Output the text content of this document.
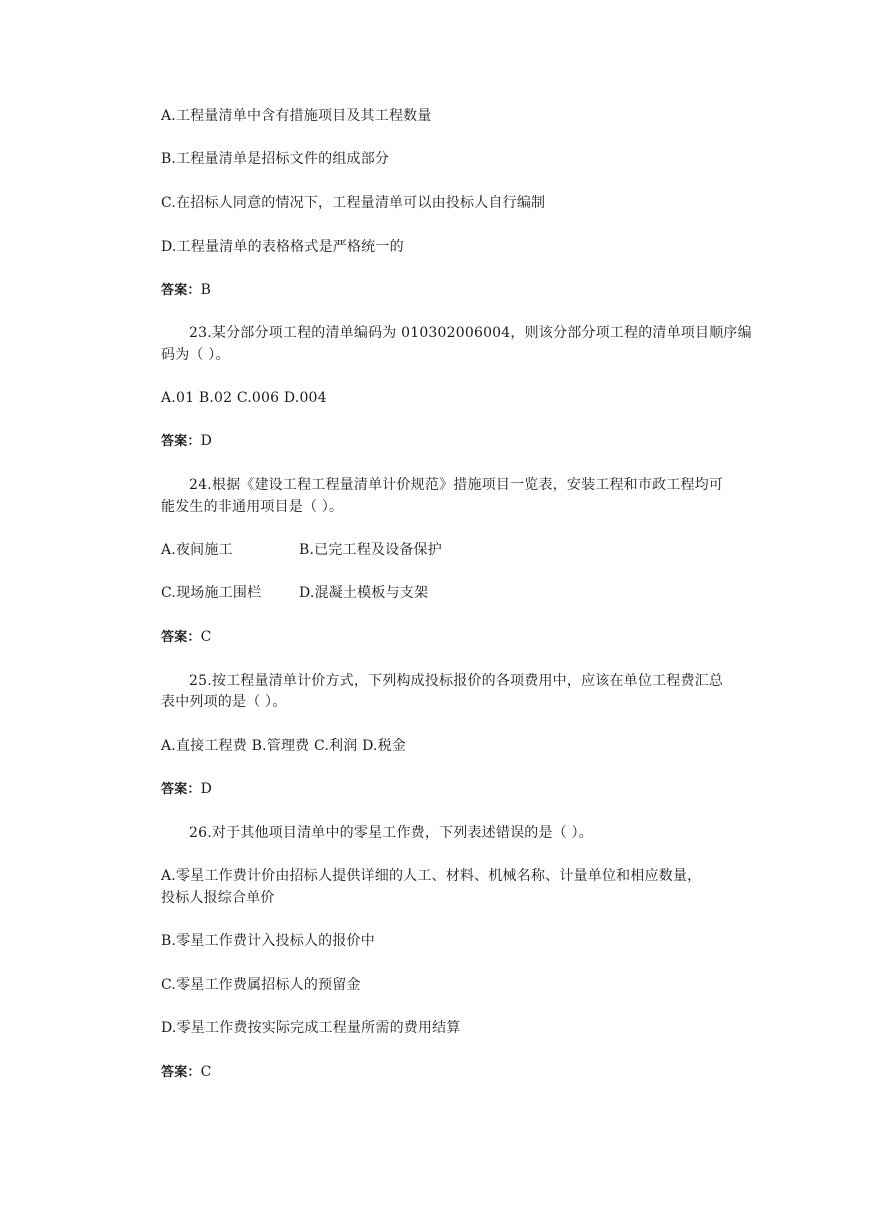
A.工程量清单中含有措施项目及其工程数量
B.工程量清单是招标文件的组成部分
C.在招标人同意的情况下，工程量清单可以由投标人自行编制
D.工程量清单的表格格式是严格统一的
答案：B
23.某分部分项工程的清单编码为 010302006004，则该分部分项工程的清单项目顺序编
码为（ ）。
A.01 B.02 C.006 D.004
答案：D
24.根据《建设工程工程量清单计价规范》措施项目一览表，安装工程和市政工程均可
能发生的非通用项目是（ ）。
A.夜间施工	B.已完工程及设备保护
C.现场施工围栏	D.混凝土模板与支架
答案：C
25.按工程量清单计价方式，下列构成投标报价的各项费用中，应该在单位工程费汇总
表中列项的是（ ）。
A.直接工程费 B.管理费 C.利润 D.税金
答案：D
26.对于其他项目清单中的零星工作费，下列表述错误的是（ ）。
A.零星工作费计价由招标人提供详细的人工、材料、机械名称、计量单位和相应数量，
投标人报综合单价
B.零星工作费计入投标人的报价中
C.零星工作费属招标人的预留金
D.零星工作费按实际完成工程量所需的费用结算
答案：C
